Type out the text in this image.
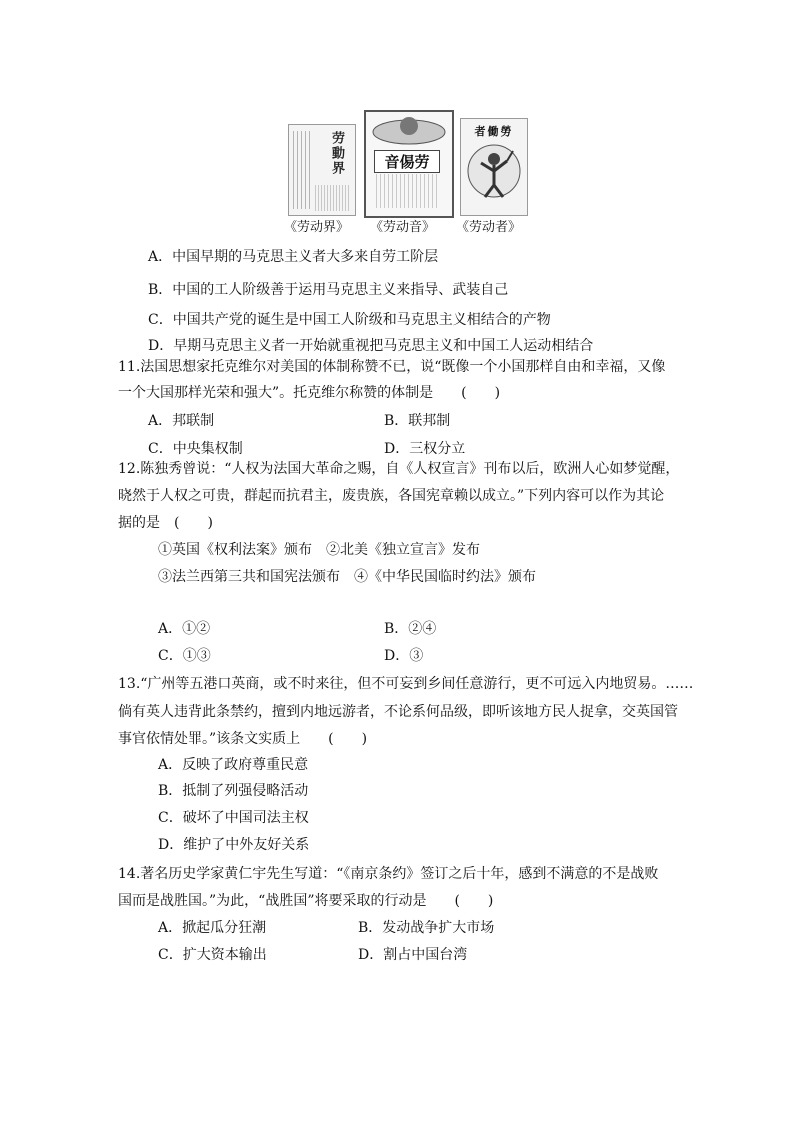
劳動界	音㑥劳
者働勞
《劳动界》 《劳动音》 《劳动者》
A．中国早期的马克思主义者大多来自劳工阶层
B．中国的工人阶级善于运用马克思主义来指导、武装自己
C．中国共产党的诞生是中国工人阶级和马克思主义相结合的产物
D．早期马克思主义者一开始就重视把马克思主义和中国工人运动相结合
11.法国思想家托克维尔对美国的体制称赞不已，说“既像一个小国那样自由和幸福，又像
一个大国那样光荣和强大”。托克维尔称赞的体制是　　(　　)
A．邦联制	B．联邦制
C．中央集权制	D．三权分立
12.陈独秀曾说：“人权为法国大革命之赐，自《人权宣言》刊布以后，欧洲人心如梦觉醒，
晓然于人权之可贵，群起而抗君主，废贵族，各国宪章赖以成立。”下列内容可以作为其论
据的是　(　　)
①英国《权利法案》颁布　②北美《独立宣言》发布
③法兰西第三共和国宪法颁布　④《中华民国临时约法》颁布
A．①②	B．②④
C．①③	D．③
13.“广州等五港口英商，或不时来往，但不可妄到乡间任意游行，更不可远入内地贸易。……
倘有英人违背此条禁约，擅到内地远游者，不论系何品级，即听该地方民人捉拿，交英国管
事官依情处罪。”该条文实质上　　(　　)
A．反映了政府尊重民意
B．抵制了列强侵略活动
C．破坏了中国司法主权
D．维护了中外友好关系
14.著名历史学家黄仁宇先生写道：“《南京条约》签订之后十年，感到不满意的不是战败
国而是战胜国。”为此，“战胜国”将要采取的行动是　　(　　)
A．掀起瓜分狂潮	B．发动战争扩大市场
C．扩大资本输出	D．割占中国台湾
